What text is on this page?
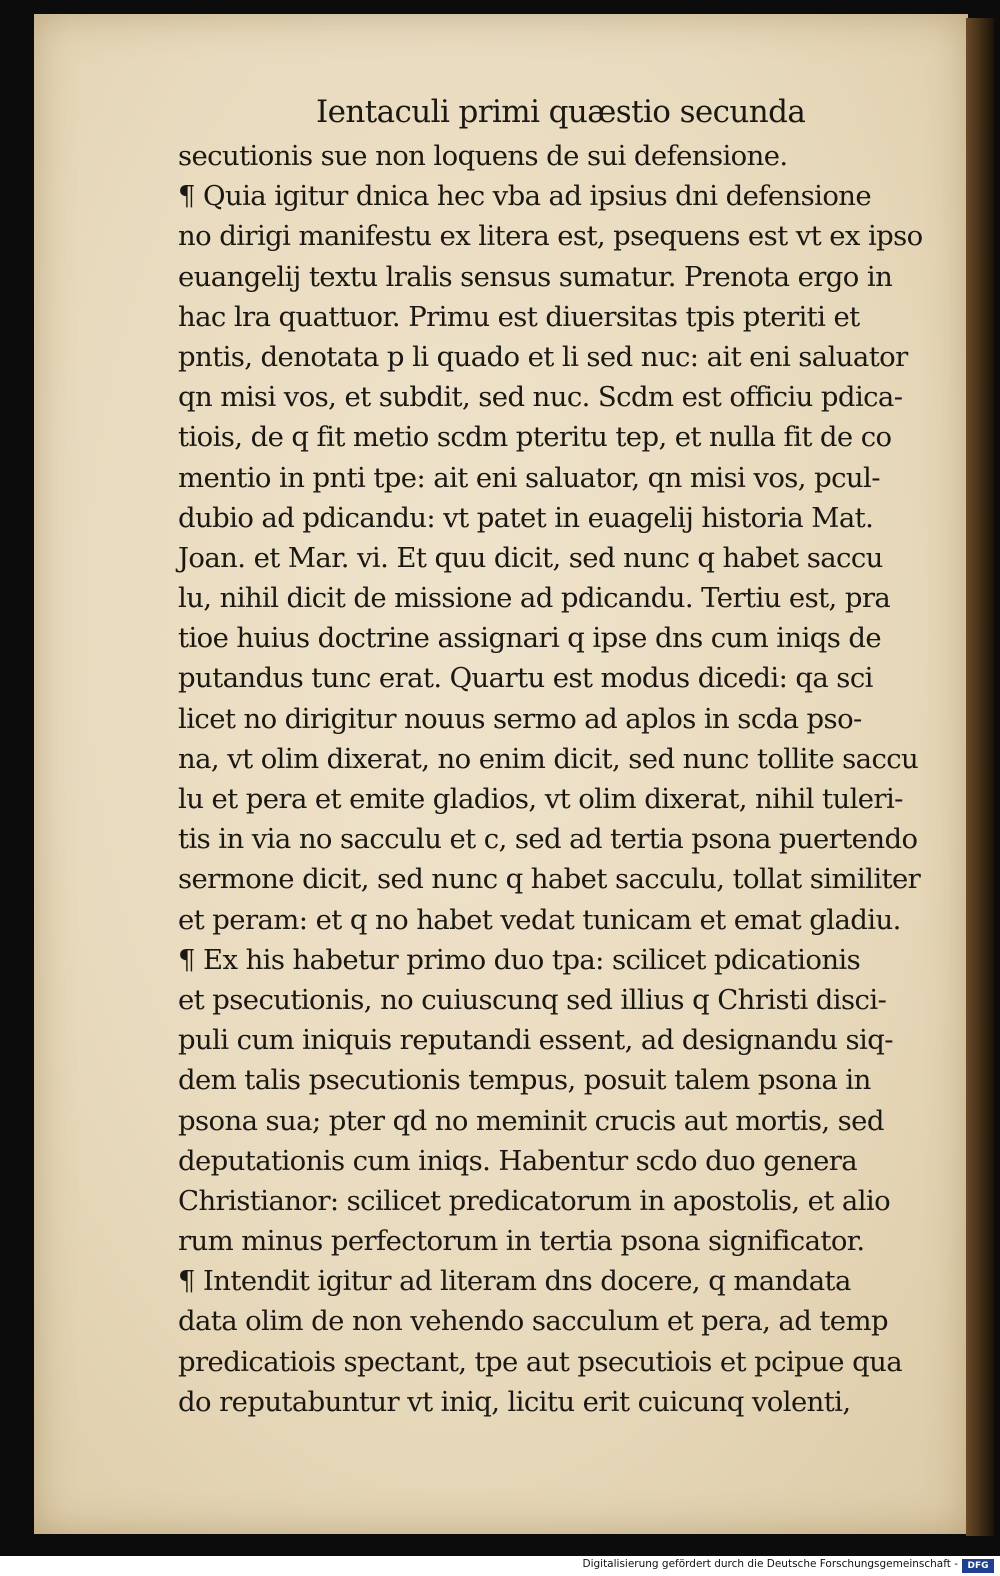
Ientaculi primi quæstio secunda
secutionis sue non loquens de sui defensione.
¶ Quia igitur dnica hec vba ad ipsius dni defensione
no dirigi manifestu ex litera est, psequens est vt ex ipso
euangelij textu lralis sensus sumatur. Prenota ergo in
hac lra quattuor. Primu est diuersitas tpis pteriti et
pntis, denotata p li quado et li sed nuc: ait eni saluator
qn misi vos, et subdit, sed nuc. Scdm est officiu pdica-
tiois, de q fit metio scdm pteritu tep, et nulla fit de co
mentio in pnti tpe: ait eni saluator, qn misi vos, pcul-
dubio ad pdicandu: vt patet in euagelij historia Mat.
Joan. et Mar. vi. Et quu dicit, sed nunc q habet saccu
lu, nihil dicit de missione ad pdicandu. Tertiu est, pra
tioe huius doctrine assignari q ipse dns cum iniqs de
putandus tunc erat. Quartu est modus dicedi: qa sci
licet no dirigitur nouus sermo ad aplos in scda pso-
na, vt olim dixerat, no enim dicit, sed nunc tollite saccu
lu et pera et emite gladios, vt olim dixerat, nihil tuleri-
tis in via no sacculu et c, sed ad tertia psona puertendo
sermone dicit, sed nunc q habet sacculu, tollat similiter
et peram: et q no habet vedat tunicam et emat gladiu.
¶ Ex his habetur primo duo tpa: scilicet pdicationis
et psecutionis, no cuiuscunq sed illius q Christi disci-
puli cum iniquis reputandi essent, ad designandu siq-
dem talis psecutionis tempus, posuit talem psona in
psona sua; pter qd no meminit crucis aut mortis, sed
deputationis cum iniqs. Habentur scdo duo genera
Christianor: scilicet predicatorum in apostolis, et alio
rum minus perfectorum in tertia psona significator.
¶ Intendit igitur ad literam dns docere, q mandata
data olim de non vehendo sacculum et pera, ad temp
predicatiois spectant, tpe aut psecutiois et pcipue qua
do reputabuntur vt iniq, licitu erit cuicunq volenti,
Digitalisierung gefördert durch die Deutsche Forschungsgemeinschaft -	DFG
